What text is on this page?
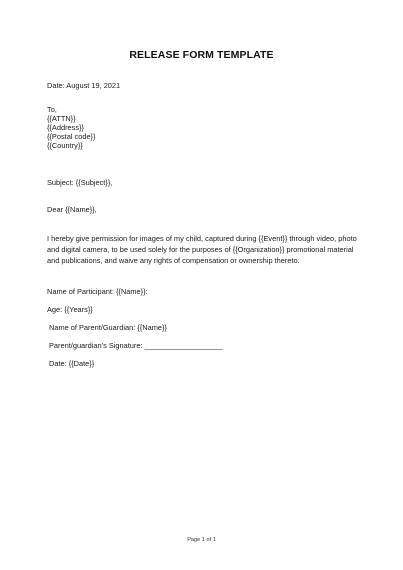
RELEASE FORM TEMPLATE
Date: August 19, 2021
To,
{{ATTN}}
{{Address}}
{{Postal code}}
{{Country}}
Subject: {{Subject}},
Dear {{Name}},
I hereby give permission for images of my child, captured during {{Event}} through video, photo and digital camera, to be used solely for the purposes of {{Organization}} promotional material and publications, and waive any rights of compensation or ownership thereto.
Name of Participant: {{Name}}:
Age: {{Years}}
Name of Parent/Guardian: {{Name}}
Parent/guardian’s Signature: ___________________
Date: {{Date}}
Page 1 of 1
